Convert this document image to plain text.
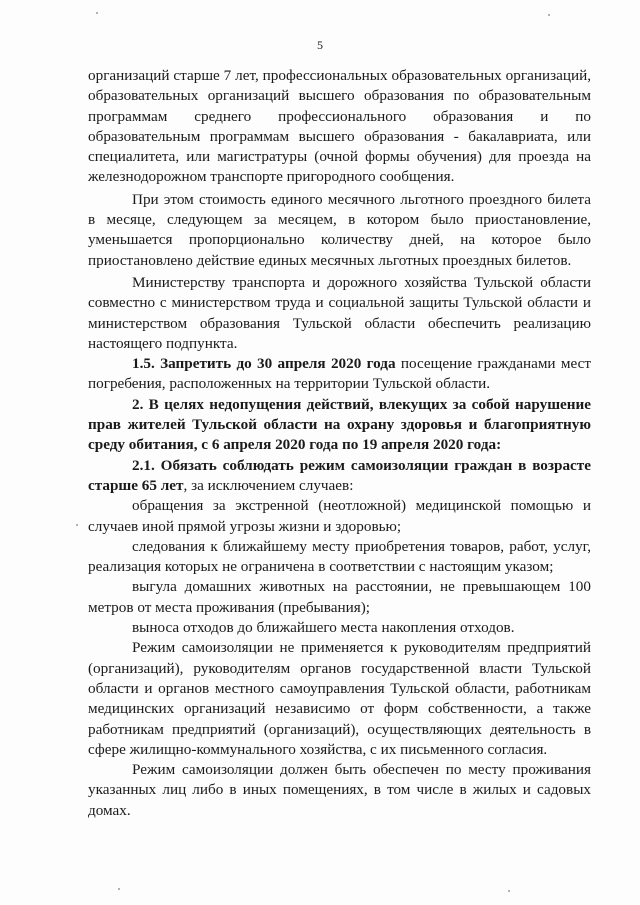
5

организаций старше 7 лет, профессиональных образовательных организаций, образовательных организаций высшего образования по образовательным программам среднего профессионального образования и по образовательным программам высшего образования - бакалавриата, или специалитета, или магистратуры (очной формы обучения) для проезда на железнодорожном транспорте пригородного сообщения.

При этом стоимость единого месячного льготного проездного билета в месяце, следующем за месяцем, в котором было приостановление, уменьшается пропорционально количеству дней, на которое было приостановлено действие единых месячных льготных проездных билетов.

Министерству транспорта и дорожного хозяйства Тульской области совместно с министерством труда и социальной защиты Тульской области и министерством образования Тульской области обеспечить реализацию настоящего подпункта.

1.5. Запретить до 30 апреля 2020 года посещение гражданами мест погребения, расположенных на территории Тульской области.

2. В целях недопущения действий, влекущих за собой нарушение прав жителей Тульской области на охрану здоровья и благоприятную среду обитания, с 6 апреля 2020 года по 19 апреля 2020 года:

2.1. Обязать соблюдать режим самоизоляции граждан в возрасте старше 65 лет, за исключением случаев:

обращения за экстренной (неотложной) медицинской помощью и случаев иной прямой угрозы жизни и здоровью;

следования к ближайшему месту приобретения товаров, работ, услуг, реализация которых не ограничена в соответствии с настоящим указом;

выгула домашних животных на расстоянии, не превышающем 100 метров от места проживания (пребывания);

выноса отходов до ближайшего места накопления отходов.

Режим самоизоляции не применяется к руководителям предприятий (организаций), руководителям органов государственной власти Тульской области и органов местного самоуправления Тульской области, работникам медицинских организаций независимо от форм собственности, а также работникам предприятий (организаций), осуществляющих деятельность в сфере жилищно-коммунального хозяйства, с их письменного согласия.

Режим самоизоляции должен быть обеспечен по месту проживания указанных лиц либо в иных помещениях, в том числе в жилых и садовых домах.
